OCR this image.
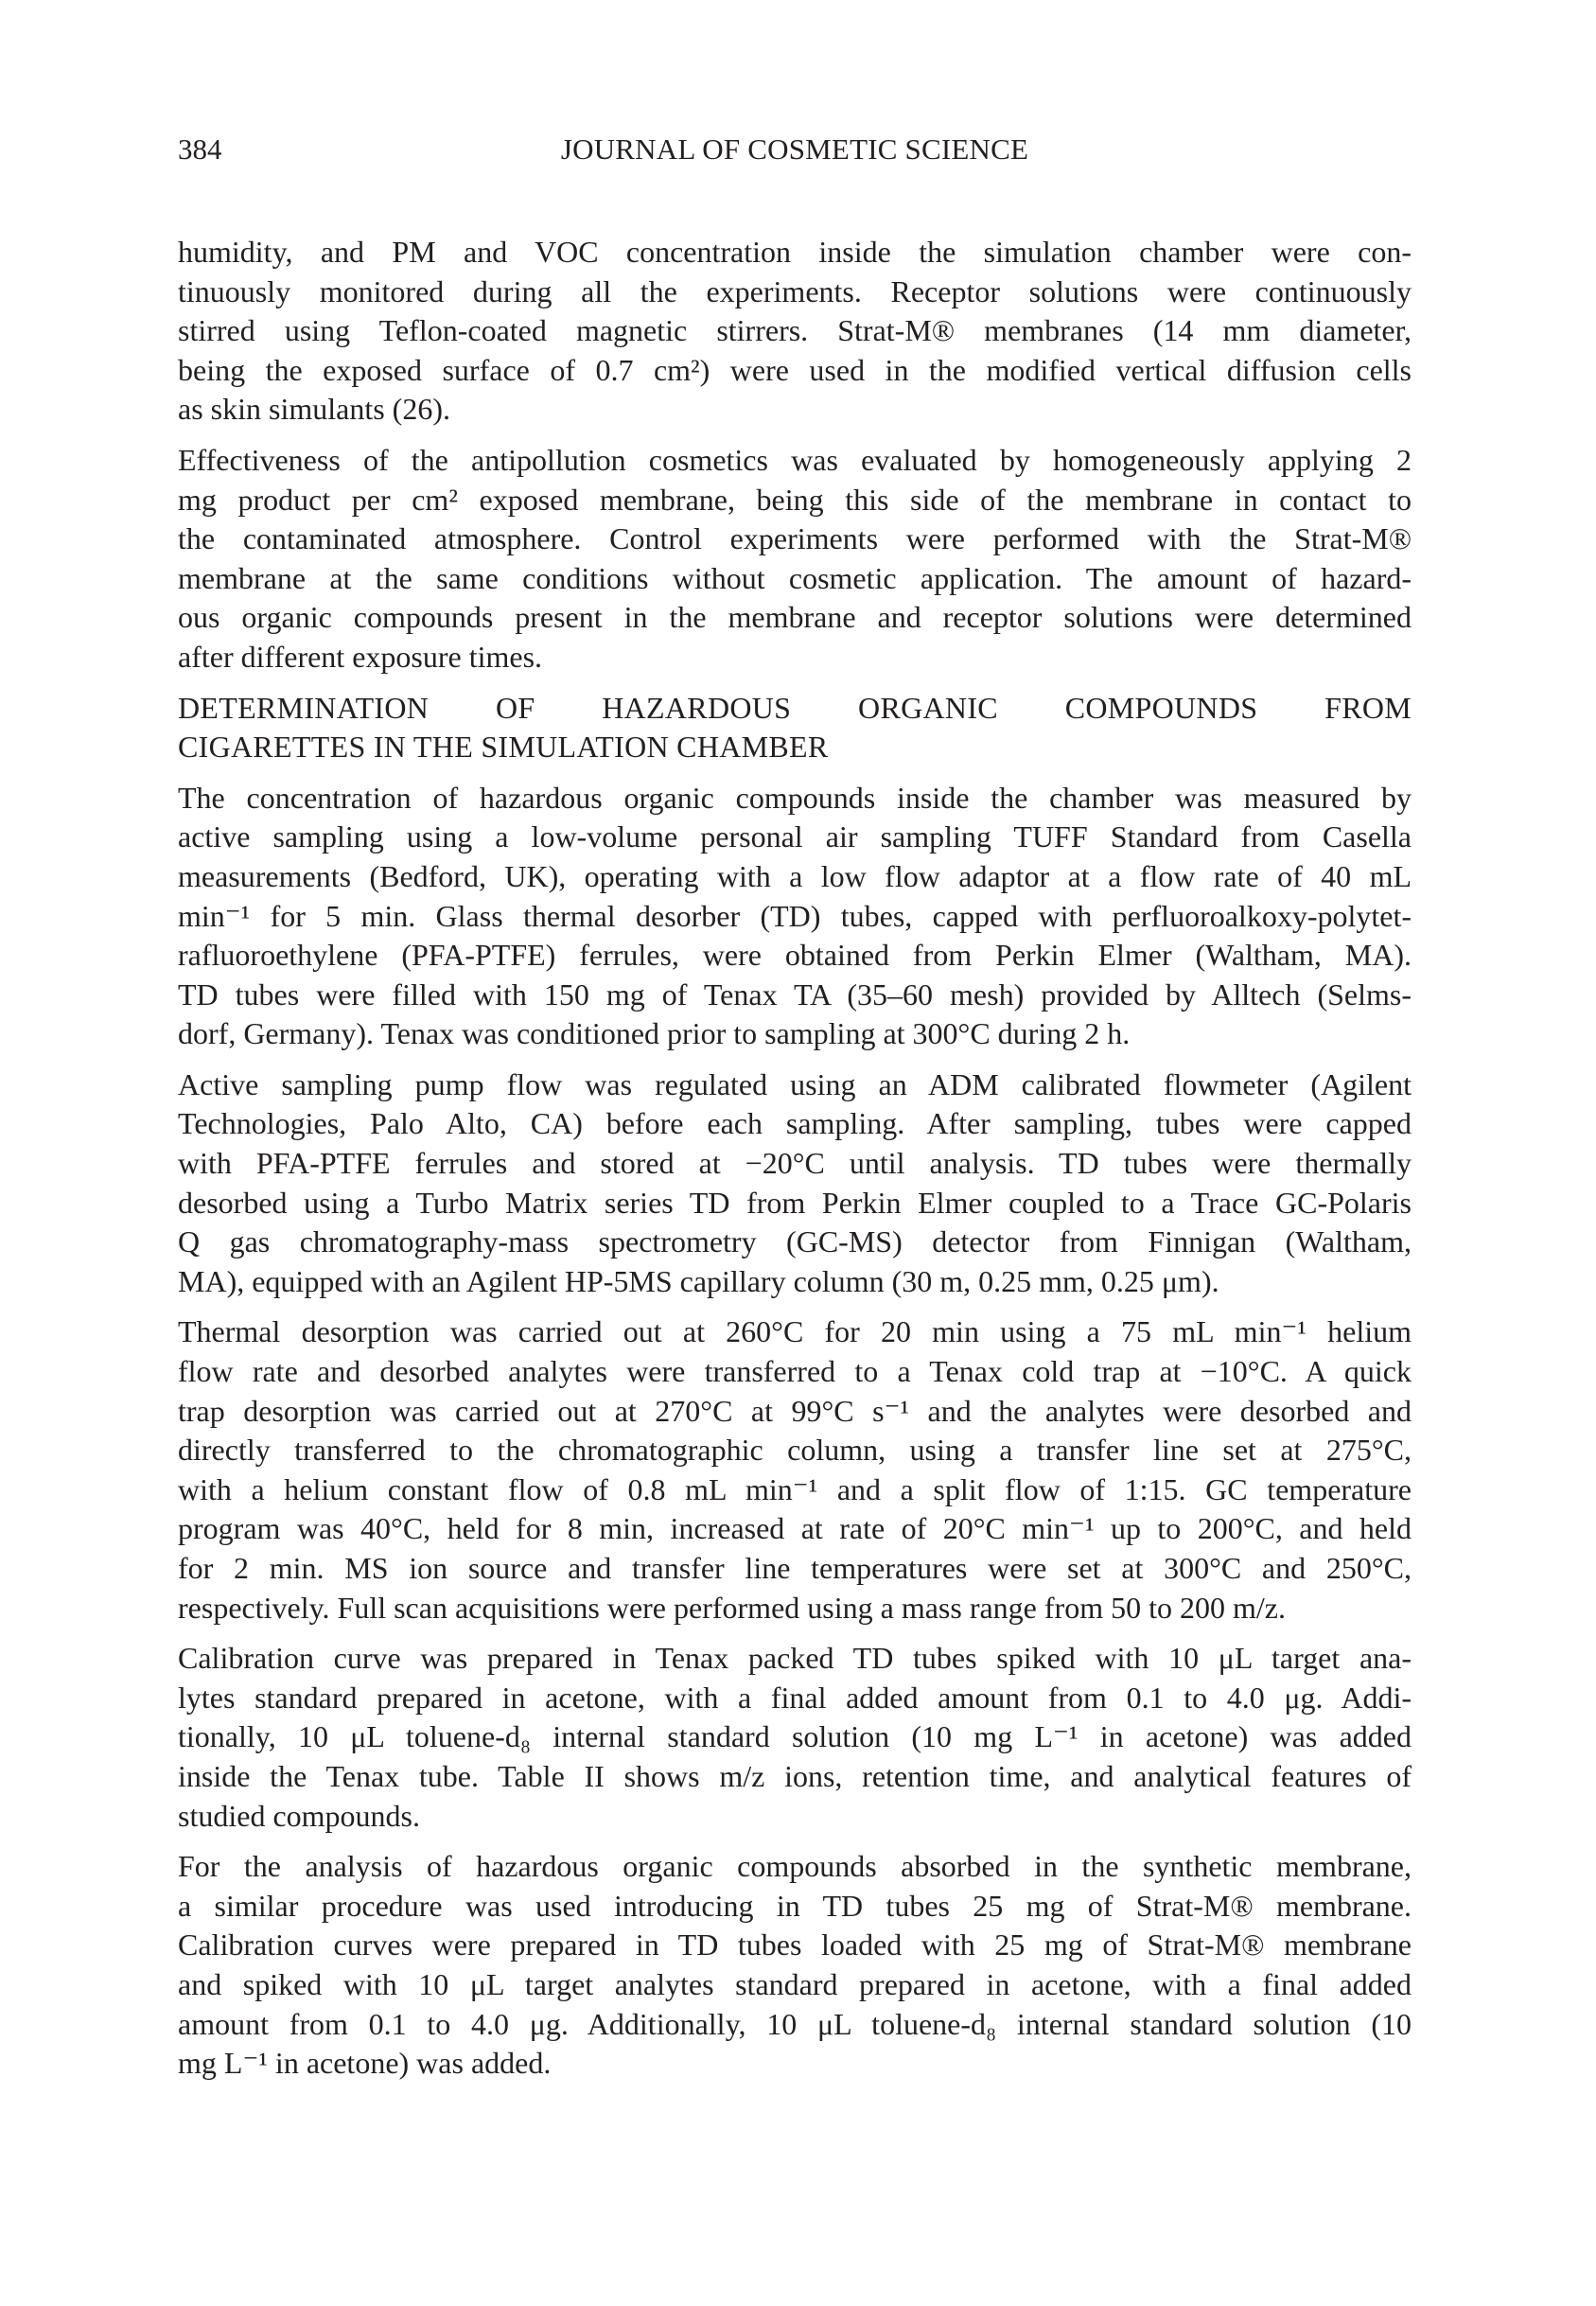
384	JOURNAL OF COSMETIC SCIENCE
humidity, and PM and VOC concentration inside the simulation chamber were con-
tinuously monitored during all the experiments. Receptor solutions were continuously
stirred using Teflon-coated magnetic stirrers. Strat-M® membranes (14 mm diameter,
being the exposed surface of 0.7 cm²) were used in the modified vertical diffusion cells
as skin simulants (26).
Effectiveness of the antipollution cosmetics was evaluated by homogeneously applying 2
mg product per cm² exposed membrane, being this side of the membrane in contact to
the contaminated atmosphere. Control experiments were performed with the Strat-M®
membrane at the same conditions without cosmetic application. The amount of hazard-
ous organic compounds present in the membrane and receptor solutions were determined
after different exposure times.
DETERMINATION OF HAZARDOUS ORGANIC COMPOUNDS FROM
CIGARETTES IN THE SIMULATION CHAMBER
The concentration of hazardous organic compounds inside the chamber was measured by
active sampling using a low-volume personal air sampling TUFF Standard from Casella
measurements (Bedford, UK), operating with a low flow adaptor at a flow rate of 40 mL
min⁻¹ for 5 min. Glass thermal desorber (TD) tubes, capped with perfluoroalkoxy-polytet-
rafluoroethylene (PFA-PTFE) ferrules, were obtained from Perkin Elmer (Waltham, MA).
TD tubes were filled with 150 mg of Tenax TA (35–60 mesh) provided by Alltech (Selms-
dorf, Germany). Tenax was conditioned prior to sampling at 300°C during 2 h.
Active sampling pump flow was regulated using an ADM calibrated flowmeter (Agilent
Technologies, Palo Alto, CA) before each sampling. After sampling, tubes were capped
with PFA-PTFE ferrules and stored at −20°C until analysis. TD tubes were thermally
desorbed using a Turbo Matrix series TD from Perkin Elmer coupled to a Trace GC-Polaris
Q gas chromatography-mass spectrometry (GC-MS) detector from Finnigan (Waltham,
MA), equipped with an Agilent HP-5MS capillary column (30 m, 0.25 mm, 0.25 μm).
Thermal desorption was carried out at 260°C for 20 min using a 75 mL min⁻¹ helium
flow rate and desorbed analytes were transferred to a Tenax cold trap at −10°C. A quick
trap desorption was carried out at 270°C at 99°C s⁻¹ and the analytes were desorbed and
directly transferred to the chromatographic column, using a transfer line set at 275°C,
with a helium constant flow of 0.8 mL min⁻¹ and a split flow of 1:15. GC temperature
program was 40°C, held for 8 min, increased at rate of 20°C min⁻¹ up to 200°C, and held
for 2 min. MS ion source and transfer line temperatures were set at 300°C and 250°C,
respectively. Full scan acquisitions were performed using a mass range from 50 to 200 m/z.
Calibration curve was prepared in Tenax packed TD tubes spiked with 10 μL target ana-
lytes standard prepared in acetone, with a final added amount from 0.1 to 4.0 μg. Addi-
tionally, 10 μL toluene-d₈ internal standard solution (10 mg L⁻¹ in acetone) was added
inside the Tenax tube. Table II shows m/z ions, retention time, and analytical features of
studied compounds.
For the analysis of hazardous organic compounds absorbed in the synthetic membrane,
a similar procedure was used introducing in TD tubes 25 mg of Strat-M® membrane.
Calibration curves were prepared in TD tubes loaded with 25 mg of Strat-M® membrane
and spiked with 10 μL target analytes standard prepared in acetone, with a final added
amount from 0.1 to 4.0 μg. Additionally, 10 μL toluene-d₈ internal standard solution (10
mg L⁻¹ in acetone) was added.
